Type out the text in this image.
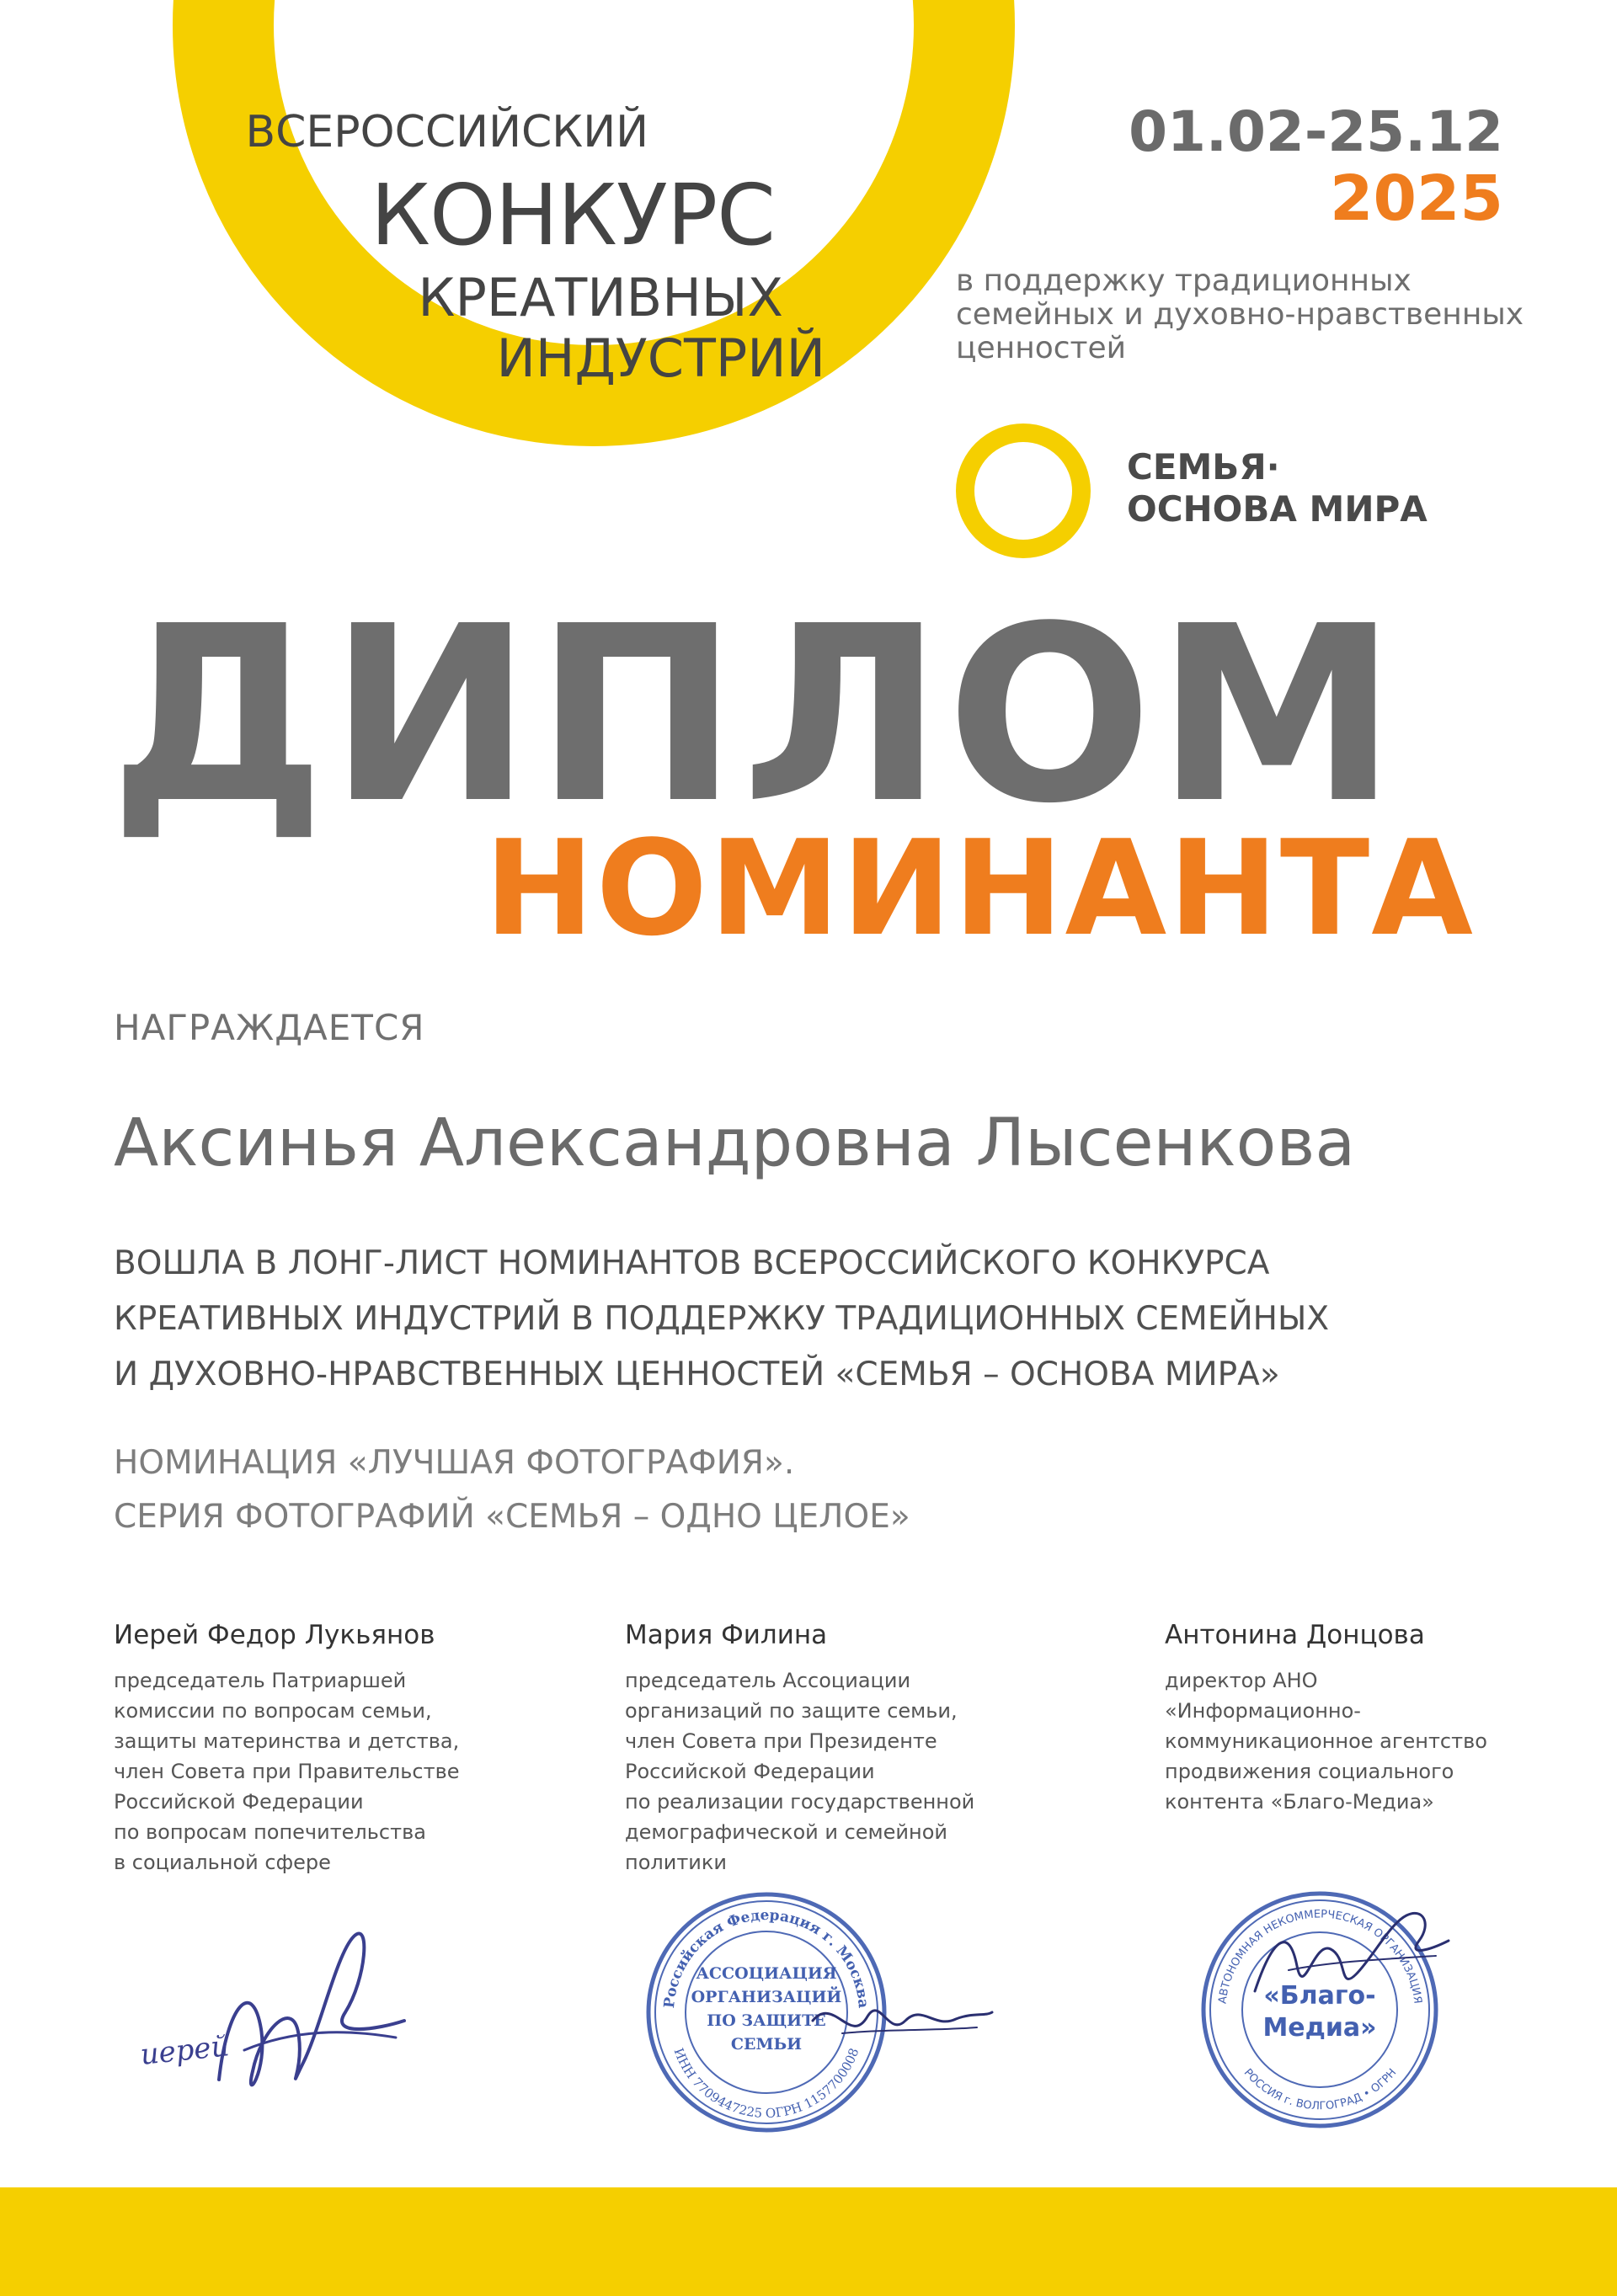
ВСЕРОССИЙСКИЙ
КОНКУРС
КРЕАТИВНЫХ
ИНДУСТРИЙ
01.02-25.12
2025
в поддержку традиционных
семейных и духовно-нравственных
ценностей
СЕМЬЯ·
ОСНОВА МИРА
ДИПЛОМ
НОМИНАНТА
НАГРАЖДАЕТСЯ
Аксинья Александровна Лысенкова
ВОШЛА В ЛОНГ-ЛИСТ НОМИНАНТОВ ВСЕРОССИЙСКОГО КОНКУРСА
КРЕАТИВНЫХ ИНДУСТРИЙ В ПОДДЕРЖКУ ТРАДИЦИОННЫХ СЕМЕЙНЫХ
И ДУХОВНО-НРАВСТВЕННЫХ ЦЕННОСТЕЙ «СЕМЬЯ – ОСНОВА МИРА»
НОМИНАЦИЯ «ЛУЧШАЯ ФОТОГРАФИЯ».
СЕРИЯ ФОТОГРАФИЙ «СЕМЬЯ – ОДНО ЦЕЛОЕ»
Иерей Федор Лукьянов
председатель Патриаршей
комиссии по вопросам семьи,
защиты материнства и детства,
член Совета при Правительстве
Российской Федерации
по вопросам попечительства
в социальной сфере
Мария Филина
председатель Ассоциации
организаций по защите семьи,
член Совета при Президенте
Российской Федерации
по реализации государственной
демографической и семейной
политики
Антонина Донцова
директор АНО
«Информационно-
коммуникационное агентство
продвижения социального
контента «Благо-Медиа»
иерей
Российская Федерация г. Москва
ИНН 7709447225 ОГРН 1157700008
АССОЦИАЦИЯ
ОРГАНИЗАЦИЙ
ПО ЗАЩИТЕ
СЕМЬИ
АВТОНОМНАЯ НЕКОММЕРЧЕСКАЯ ОРГАНИЗАЦИЯ
РОССИЯ г. ВОЛГОГРАД • ОГРН
«Благо-
Медиа»
